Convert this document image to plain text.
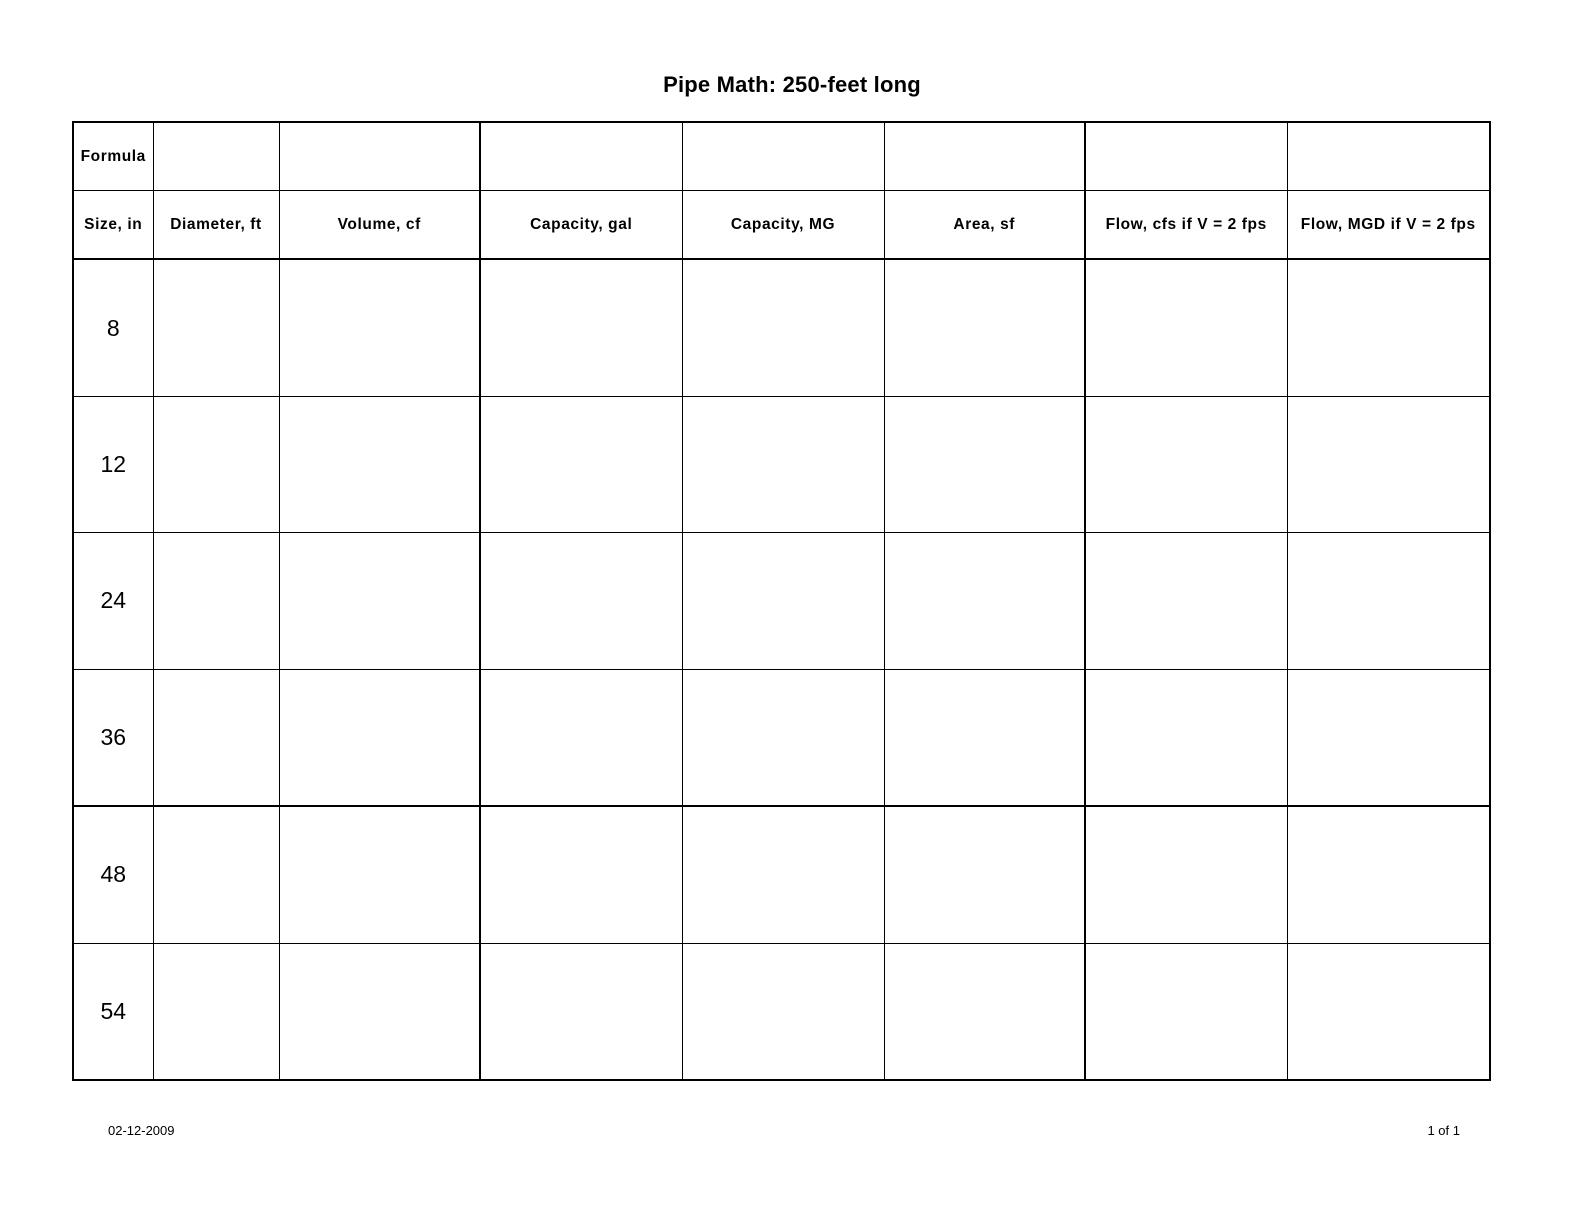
Pipe Math: 250-feet long
Formula							
Size, in	Diameter, ft	Volume, cf	Capacity, gal	Capacity, MG	Area, sf	Flow, cfs if V = 2 fps	Flow, MGD if V = 2 fps
8							
12							
24							
36							
48							
54							
02-12-2009	1 of 1
